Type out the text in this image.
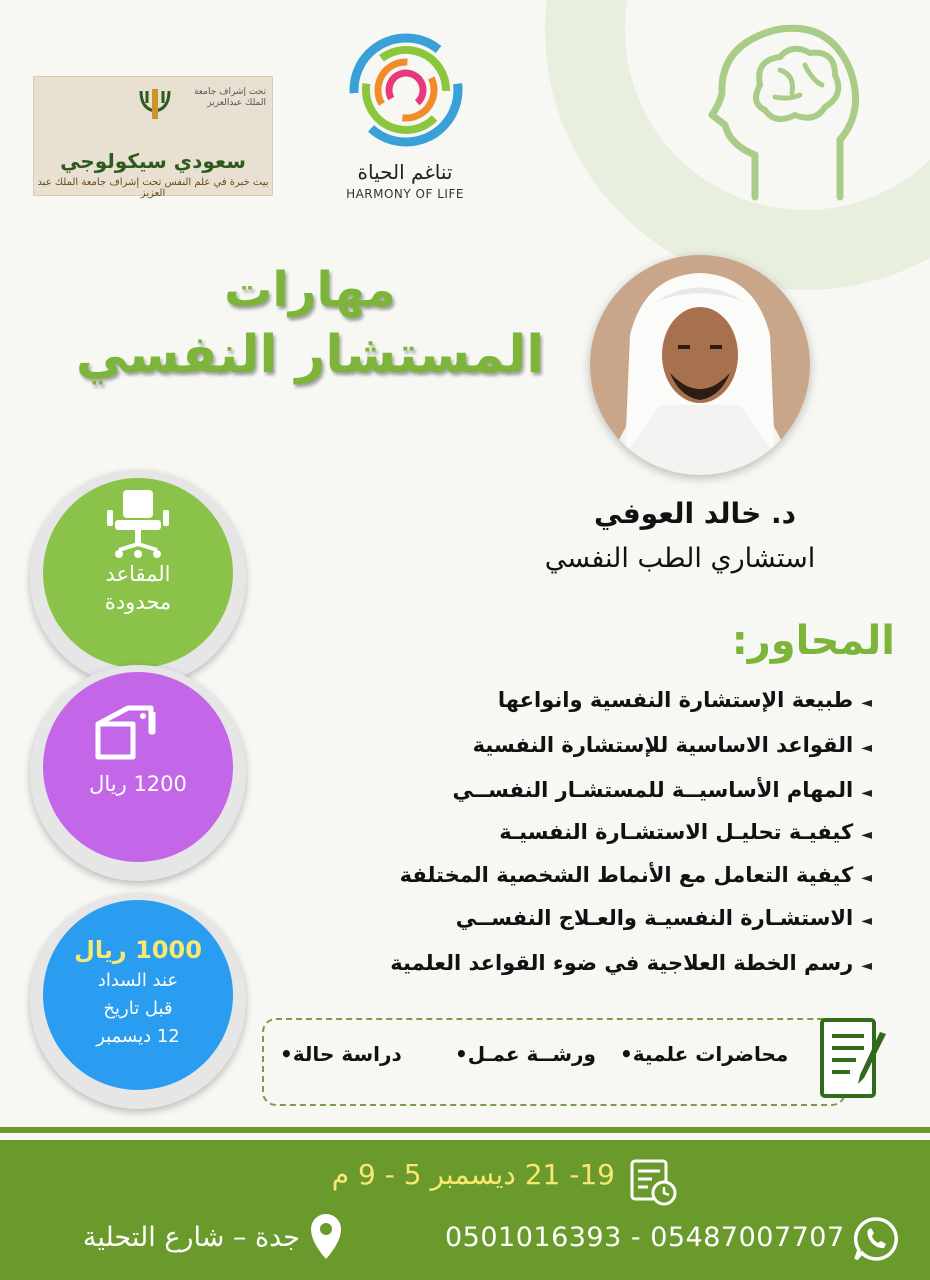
تحت إشراف جامعة الملك عبدالعزيز
سعودي سيكولوجي
بيت خبرة في علم النفس تحت إشراف جامعة الملك عبد العزيز
تناغم الحياة
HARMONY OF LIFE
مهارات
المستشار النفسي
د. خالد العوفي
استشاري الطب النفسي
المقاعد
محدودة
1200 ريال
1000 ريال
عند السداد
قبل تاريخ
12 ديسمبر
المحاور:
◄طبيعة الإستشارة النفسية وانواعها
◄القواعد الاساسية للإستشارة النفسية
◄المهام الأساسيــة للمستشـار النفســي
◄كيفيـة تحليـل الاستشـارة النفسيـة
◄كيفية التعامل مع الأنماط الشخصية المختلفة
◄الاستشـارة النفسيـة والعـلاج النفســي
◄رسم الخطة العلاجية في ضوء القواعد العلمية
محاضرات علمية•
ورشــة عمـل•
دراسة حالة•
19- 21 ديسمبر 5 - 9 م
0501016393 - 05487007707
جدة – شارع التحلية
